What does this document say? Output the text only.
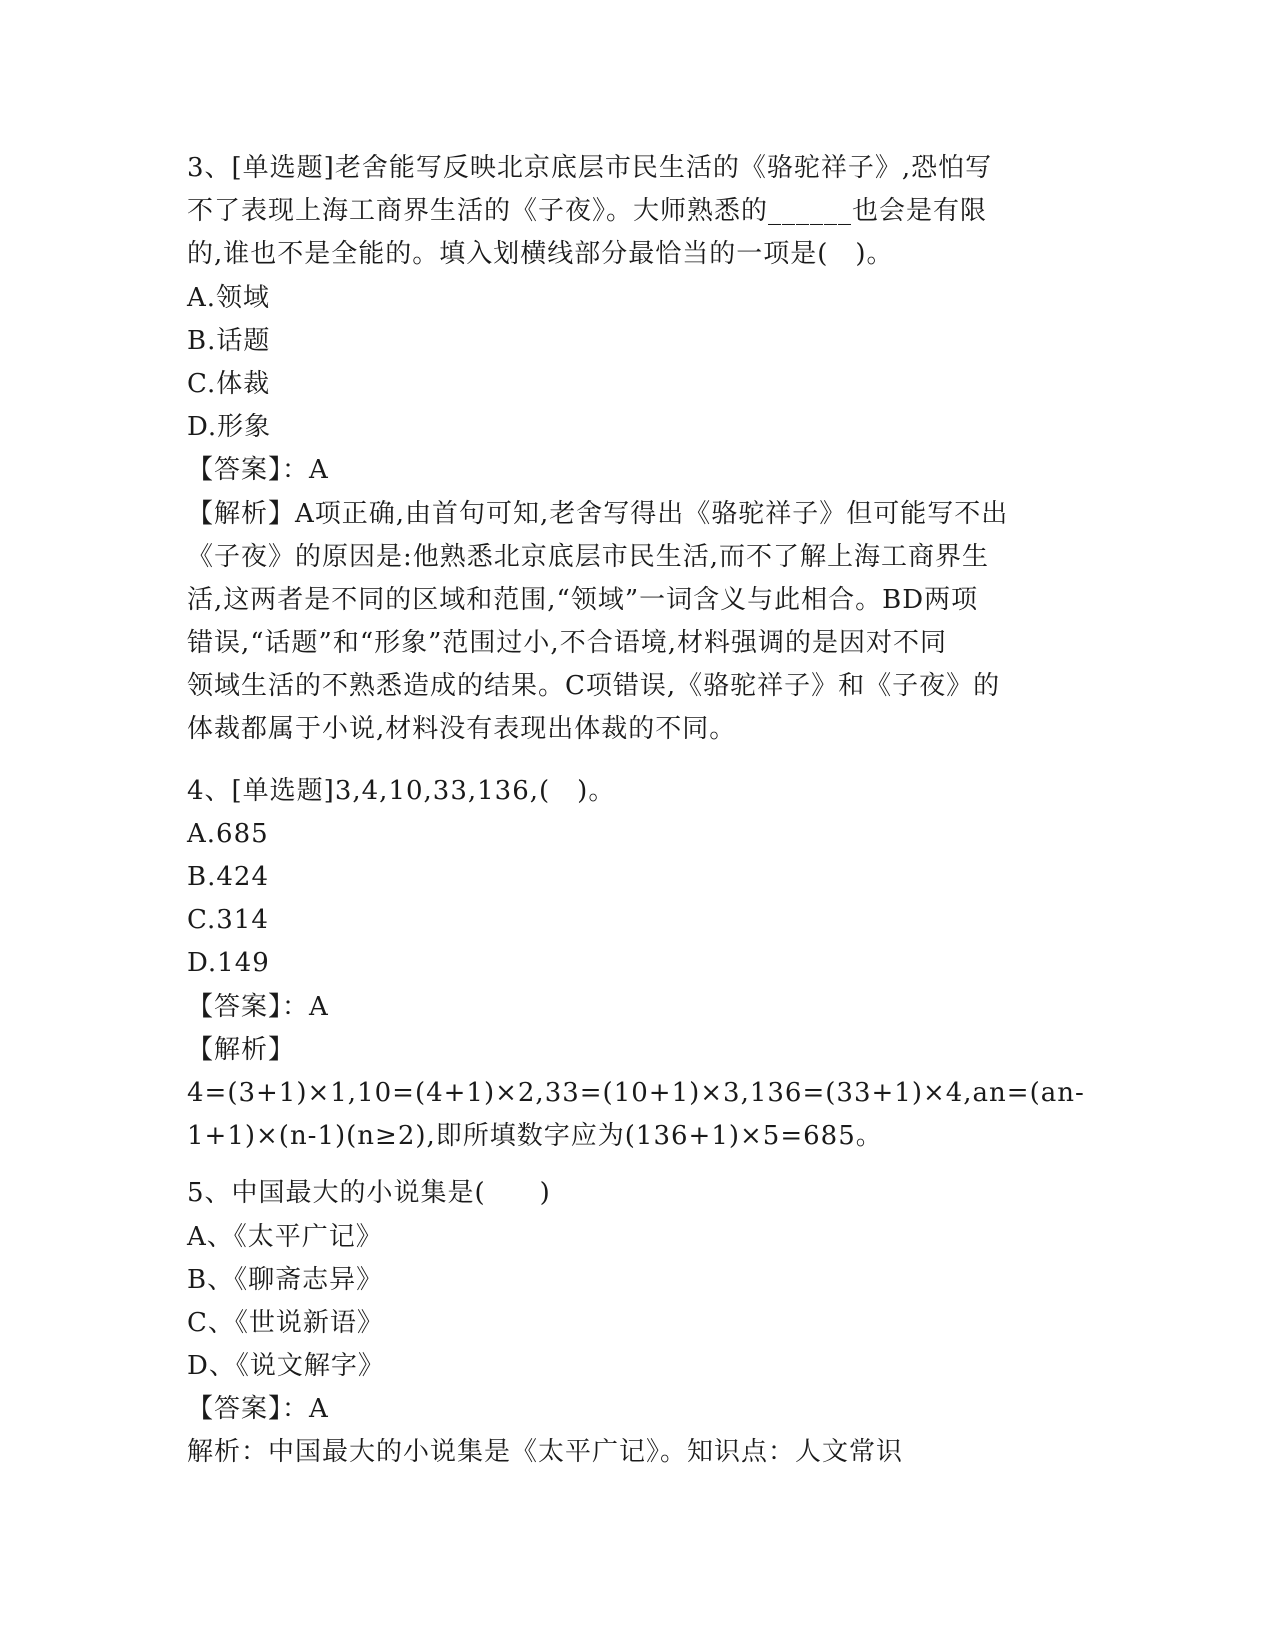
3、[单选题]老舍能写反映北京底层市民生活的《骆驼祥子》,恐怕写
不了表现上海工商界生活的《子夜》。大师熟悉的______也会是有限
的,谁也不是全能的。填入划横线部分最恰当的一项是(　)。
A.领域
B.话题
C.体裁
D.形象
【答案】：A
【解析】A项正确,由首句可知,老舍写得出《骆驼祥子》但可能写不出
《子夜》的原因是:他熟悉北京底层市民生活,而不了解上海工商界生
活,这两者是不同的区域和范围,“领域”一词含义与此相合。BD两项
错误,“话题”和“形象”范围过小,不合语境,材料强调的是因对不同
领域生活的不熟悉造成的结果。C项错误,《骆驼祥子》和《子夜》的
体裁都属于小说,材料没有表现出体裁的不同。
4、[单选题]3,4,10,33,136,(　)。
A.685
B.424
C.314
D.149
【答案】：A
【解析】
4=(3+1)×1,10=(4+1)×2,33=(10+1)×3,136=(33+1)×4,an=(an-
1+1)×(n-1)(n≥2),即所填数字应为(136+1)×5=685。
5、中国最大的小说集是(　　)
A、《太平广记》
B、《聊斋志异》
C、《世说新语》
D、《说文解字》
【答案】：A
解析：中国最大的小说集是《太平广记》。知识点：人文常识
